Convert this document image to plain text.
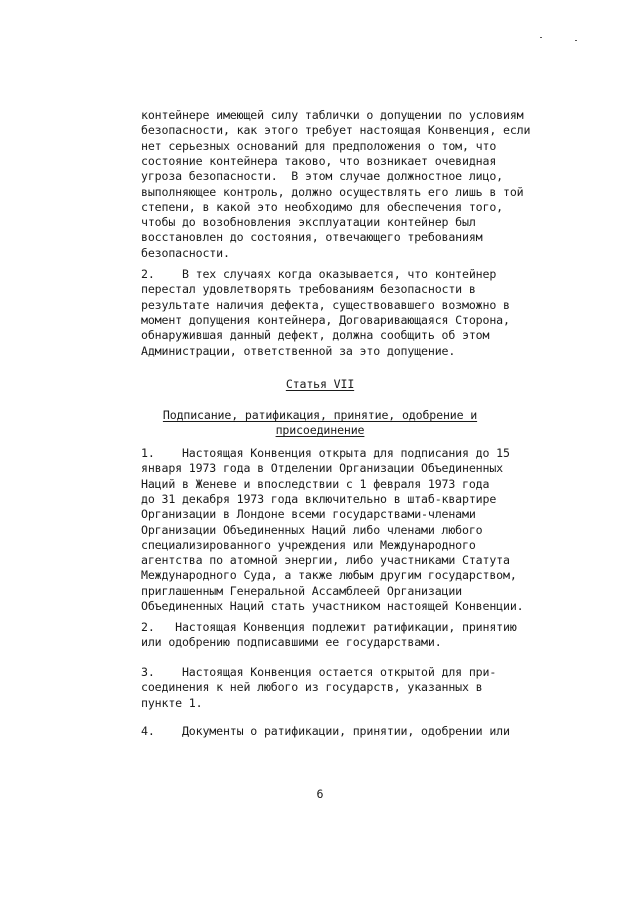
контейнере имеющей силу таблички о допущении по условиям

безопасности, как этого требует настоящая Конвенция, если

нет серьезных оснований для предположения о том, что

состояние контейнера таково, что возникает очевидная

угроза безопасности.  В этом случае должностное лицо,

выполняющее контроль, должно осуществлять его лишь в той

степени, в какой это необходимо для обеспечения того,

чтобы до возобновления эксплуатации контейнер был

восстановлен до состояния, отвечающего требованиям

безопасности.

2.    В тех случаях когда оказывается, что контейнер

перестал удовлетворять требованиям безопасности в

результате наличия дефекта, существовавшего возможно в

момент допущения контейнера, Договаривающаяся Сторона,

обнаружившая данный дефект, должна сообщить об этом

Администрации, ответственной за это допущение.

Статья VII

Подписание, ратификация, принятие, одобрение и

присоединение

1.    Настоящая Конвенция открыта для подписания до 15

января 1973 года в Отделении Организации Объединенных

Наций в Женеве и впоследствии с 1 февраля 1973 года

до 31 декабря 1973 года включительно в штаб-квартире

Организации в Лондоне всеми государствами-членами

Организации Объединенных Наций либо членами любого

специализированного учреждения или Международного

агентства по атомной энергии, либо участниками Статута

Международного Суда, а также любым другим государством,

приглашенным Генеральной Ассамблеей Организации

Объединенных Наций стать участником настоящей Конвенции.

2.   Настоящая Конвенция подлежит ратификации, принятию

или одобрению подписавшими ее государствами.

3.    Настоящая Конвенция остается открытой для при-

соединения к ней любого из государств, указанных в

пункте 1.

4.    Документы о ратификации, принятии, одобрении или

6
